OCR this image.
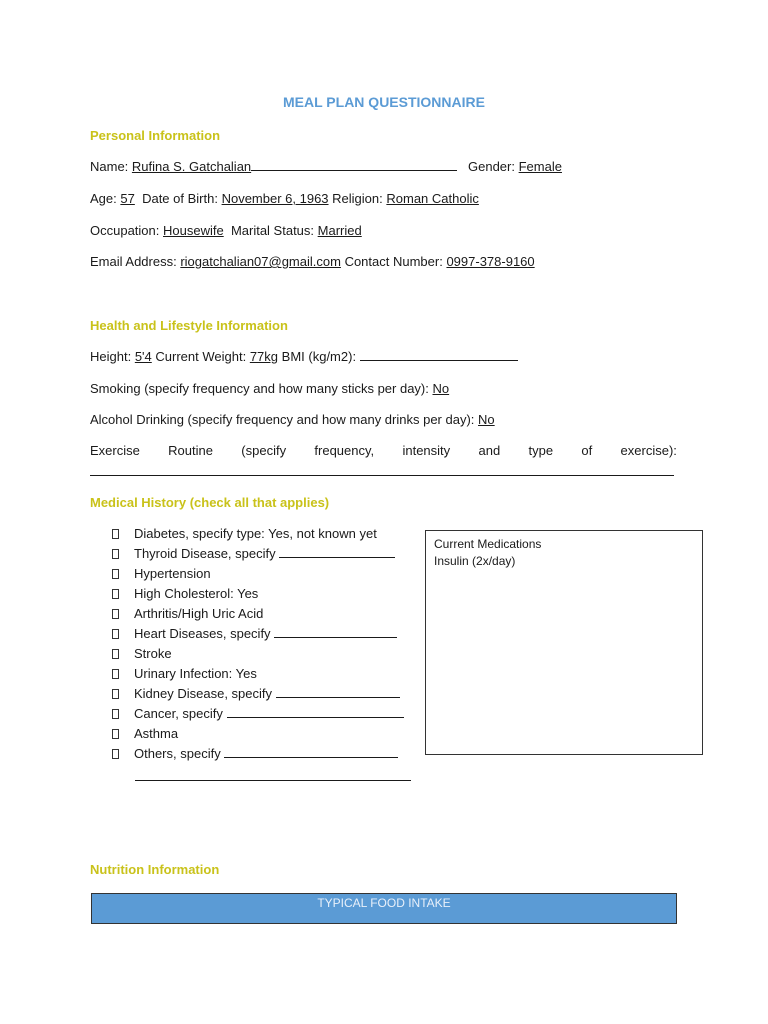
MEAL PLAN QUESTIONNAIRE
Personal Information
Name: Rufina S. Gatchalian	Gender: Female
Age: 57 Date of Birth: November 6, 1963 Religion: Roman Catholic
Occupation: Housewife Marital Status: Married
Email Address: riogatchalian07@gmail.com Contact Number: 0997-378-9160
Health and Lifestyle Information
Height: 5'4 Current Weight: 77kg BMI (kg/m2):
Smoking (specify frequency and how many sticks per day): No
Alcohol Drinking (specify frequency and how many drinks per day): No
Exercise Routine (specify frequency, intensity and type of exercise):
Medical History (check all that applies)
Diabetes, specify type: Yes, not known yet
Thyroid Disease, specify

Hypertension
High Cholesterol: Yes
Arthritis/High Uric Acid
Heart Diseases, specify

Stroke
Urinary Infection: Yes
Kidney Disease, specify

Cancer, specify

Asthma
Others, specify

Current Medications
Insulin (2x/day)
Nutrition Information
TYPICAL FOOD INTAKE
